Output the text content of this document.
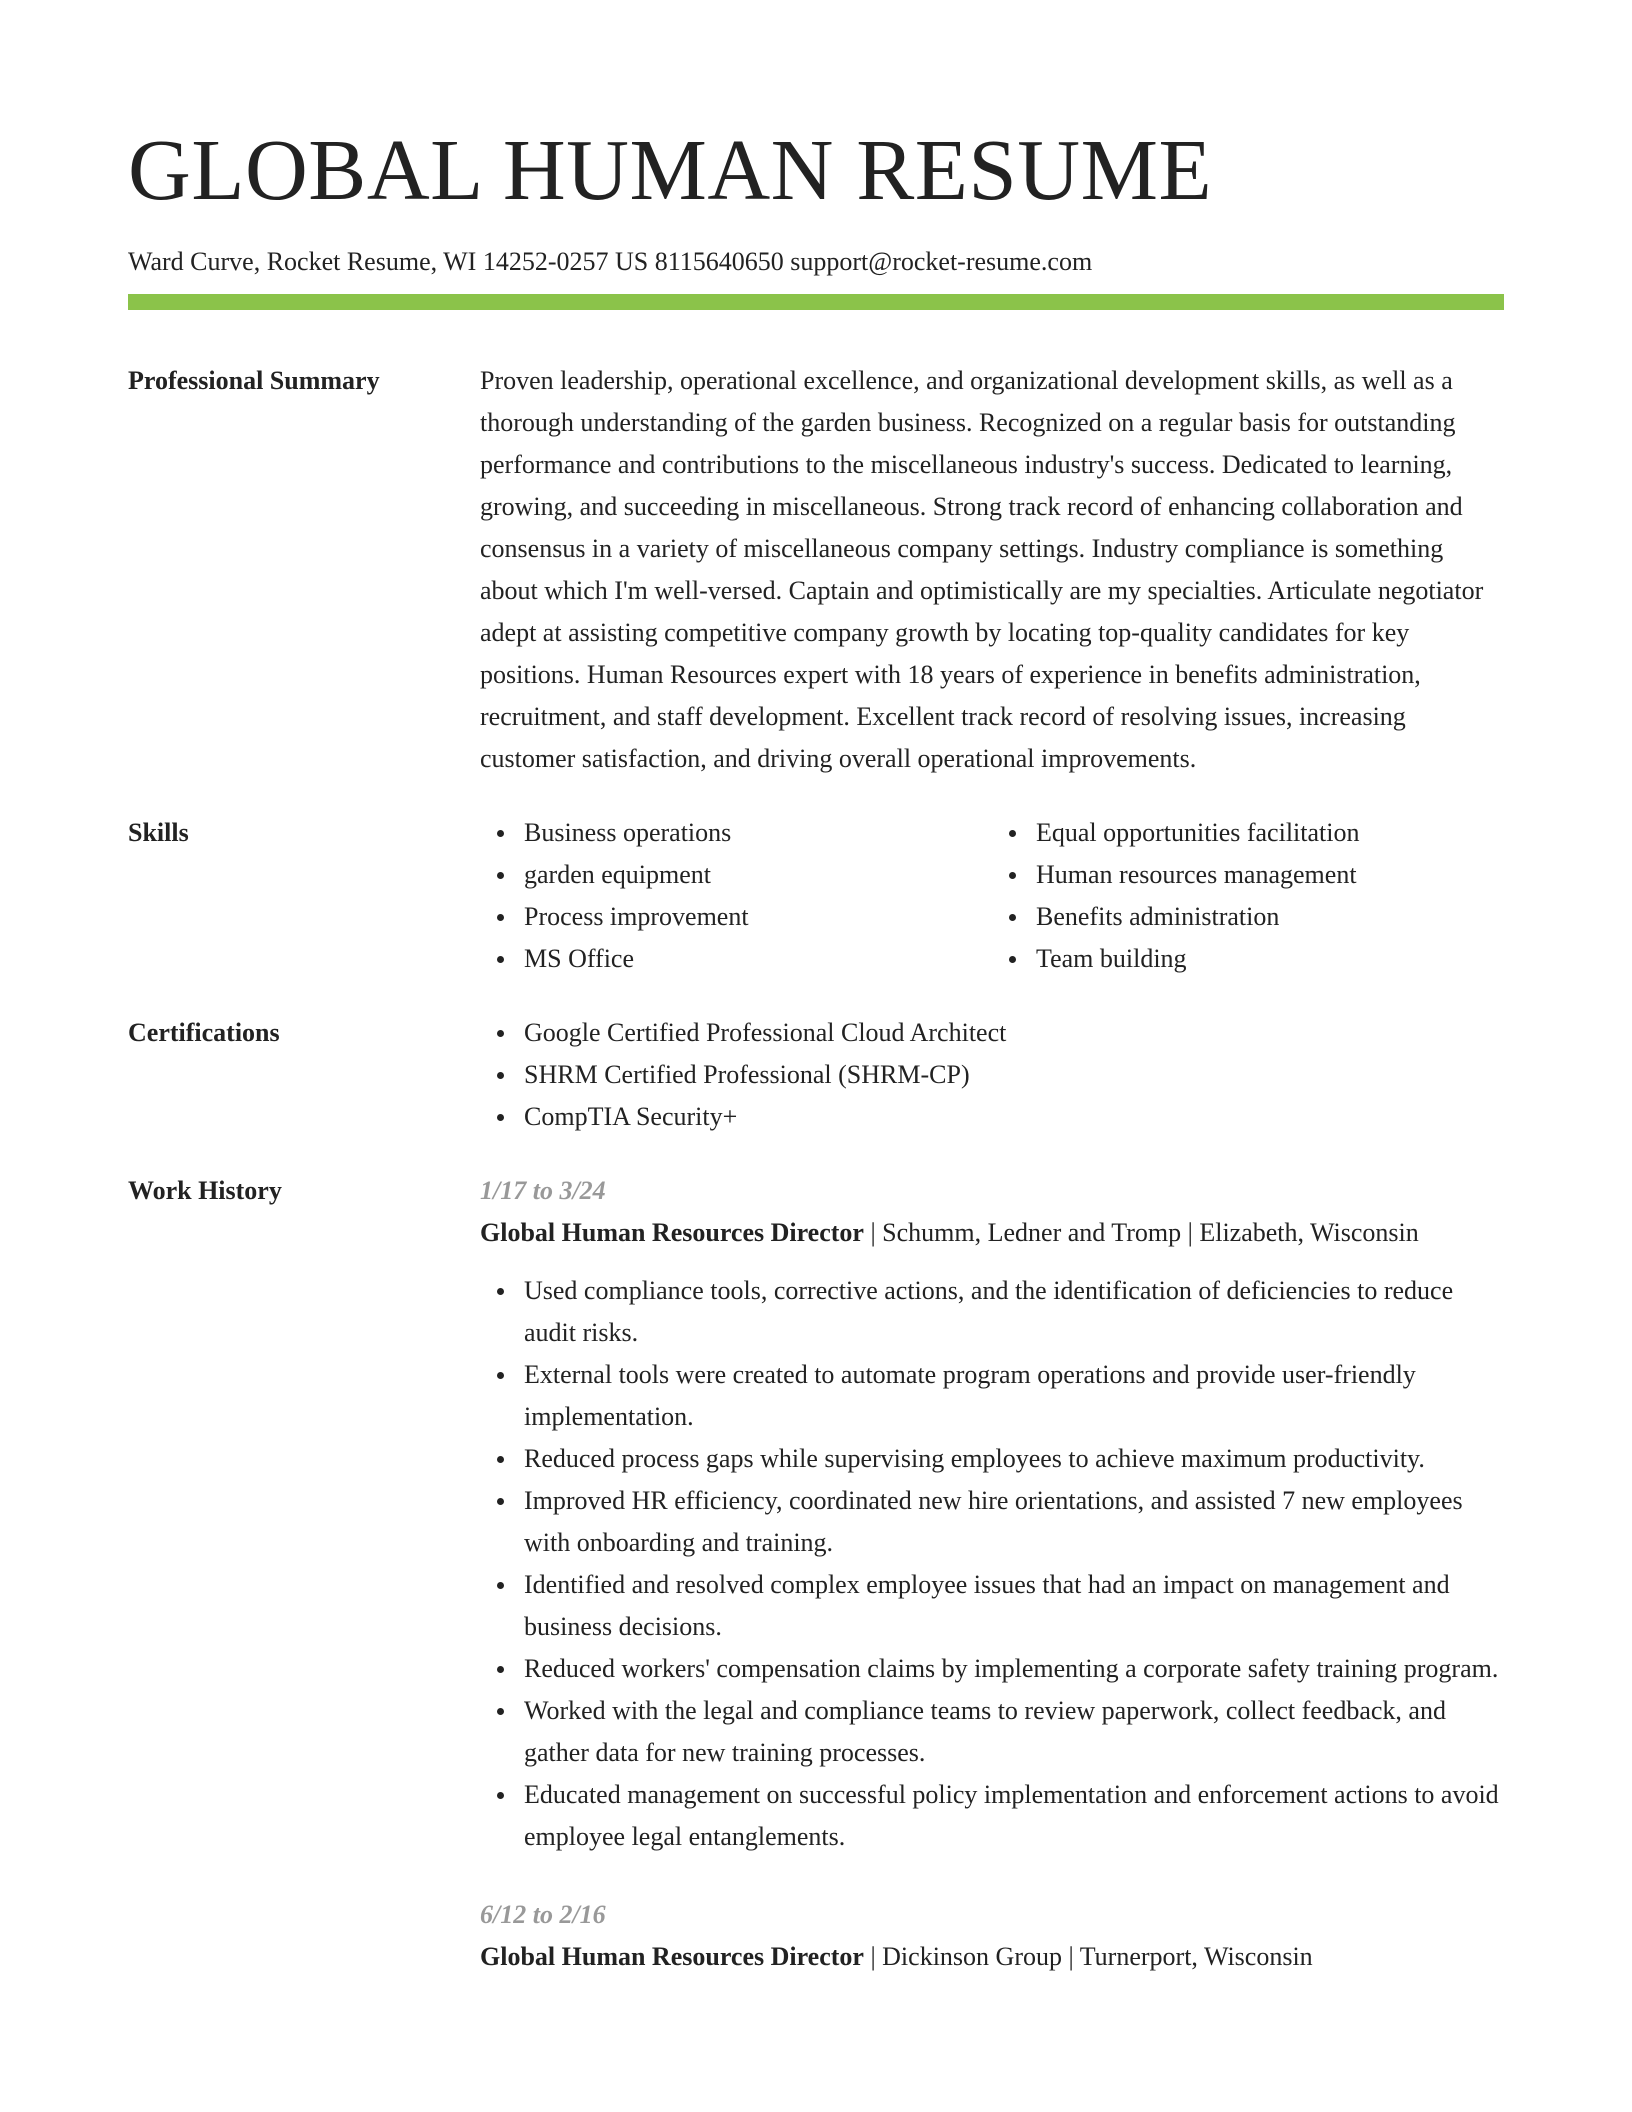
GLOBAL HUMAN RESUME
Ward Curve, Rocket Resume, WI 14252-0257 US 8115640650 support@rocket-resume.com
Professional Summary	Proven leadership, operational excellence, and organizational development skills, as well as a thorough understanding of the garden business. Recognized on a regular basis for outstanding performance and contributions to the miscellaneous industry's success. Dedicated to learning, growing, and succeeding in miscellaneous. Strong track record of enhancing collaboration and consensus in a variety of miscellaneous company settings. Industry compliance is something about which I'm well-versed. Captain and optimistically are my specialties. Articulate negotiator adept at assisting competitive company growth by locating top-quality candidates for key positions. Human Resources expert with 18 years of experience in benefits administration, recruitment, and staff development. Excellent track record of resolving issues, increasing customer satisfaction, and driving overall operational improvements.

Skills	Business operations
garden equipment
Process improvement
MS Office
Equal opportunities facilitation
Human resources management
Benefits administration
Team building
Certifications	Google Certified Professional Cloud Architect
SHRM Certified Professional (SHRM-CP)
CompTIA Security+
Work History	1/17 to 3/24
Global Human Resources Director | Schumm, Ledner and Tromp | Elizabeth, Wisconsin
Used compliance tools, corrective actions, and the identification of deficiencies to reduce audit risks.
External tools were created to automate program operations and provide user-friendly implementation.
Reduced process gaps while supervising employees to achieve maximum productivity.
Improved HR efficiency, coordinated new hire orientations, and assisted 7 new employees with onboarding and training.
Identified and resolved complex employee issues that had an impact on management and business decisions.
Reduced workers' compensation claims by implementing a corporate safety training program.
Worked with the legal and compliance teams to review paperwork, collect feedback, and gather data for new training processes.
Educated management on successful policy implementation and enforcement actions to avoid employee legal entanglements.
6/12 to 2/16
Global Human Resources Director | Dickinson Group | Turnerport, Wisconsin
